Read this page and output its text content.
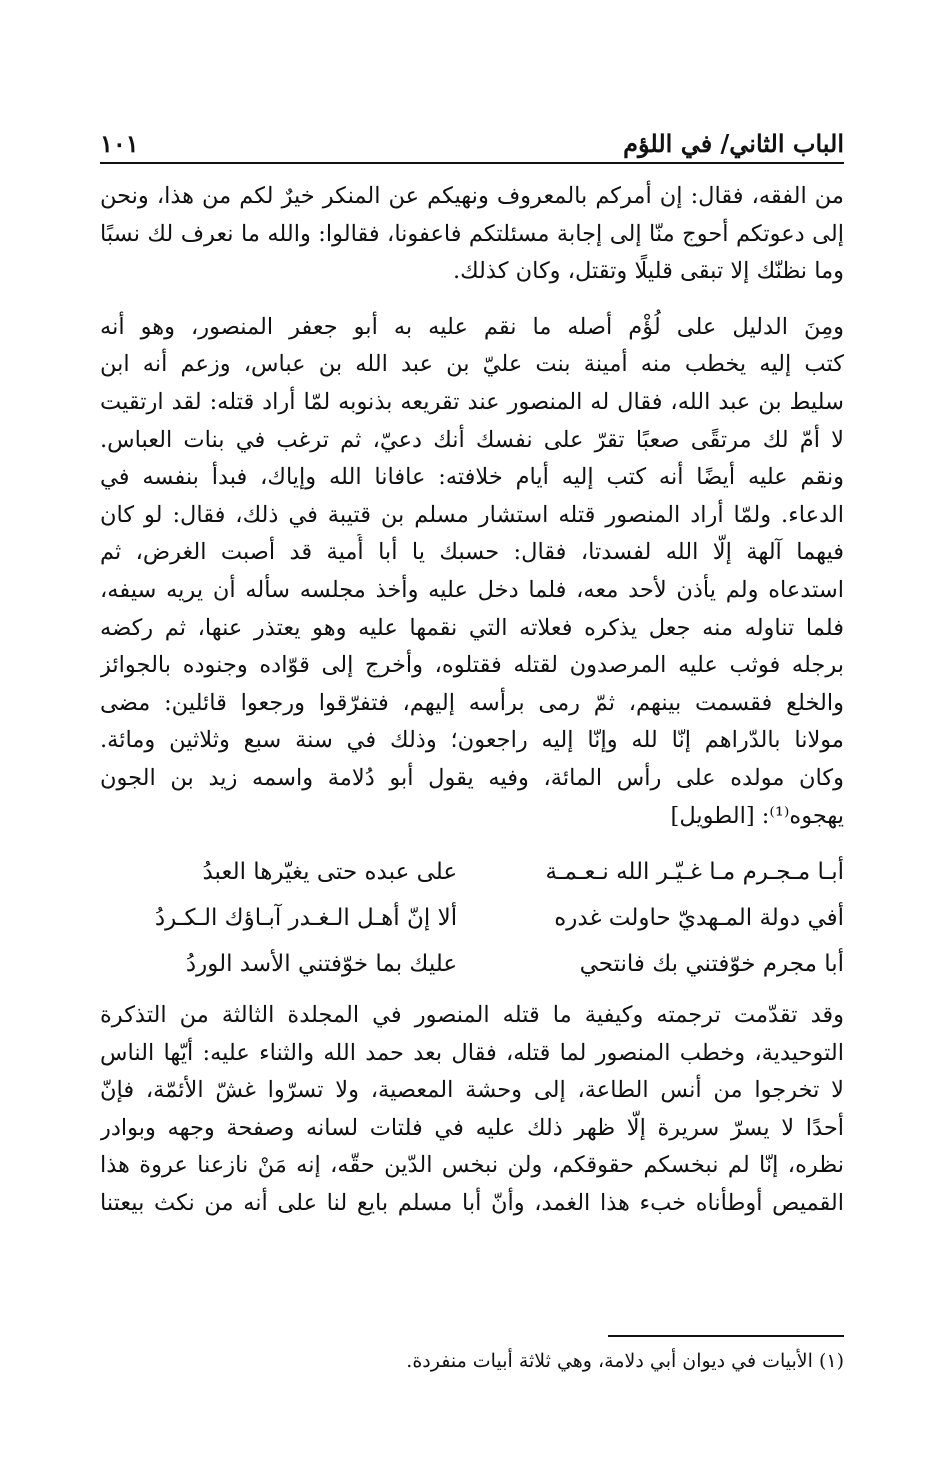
الباب الثاني/ في اللؤم
١٠١
من الفقه، فقال: إن أمركم بالمعروف ونهيكم عن المنكر خيرٌ لكم من هذا، ونحن
إلى دعوتكم أحوج منّا إلى إجابة مسئلتكم فاعفونا، فقالوا: والله ما نعرف لك نسبًا
وما نظنّك إلا تبقى قليلًا وتقتل، وكان كذلك.
ومِنَ الدليل على لُؤْم أصله ما نقم عليه به أبو جعفر المنصور، وهو أنه
كتب إليه يخطب منه أمينة بنت عليّ بن عبد الله بن عباس، وزعم أنه ابن
سليط بن عبد الله، فقال له المنصور عند تقريعه بذنوبه لمّا أراد قتله: لقد ارتقيت
لا أمّ لك مرتقًى صعبًا تقرّ على نفسك أنك دعيّ، ثم ترغب في بنات العباس.
ونقم عليه أيضًا أنه كتب إليه أيام خلافته: عافانا الله وإياك، فبدأ بنفسه في
الدعاء. ولمّا أراد المنصور قتله استشار مسلم بن قتيبة في ذلك، فقال: لو كان
فيهما آلهة إلّا الله لفسدتا، فقال: حسبك يا أبا أُمية قد أصبت الغرض، ثم
استدعاه ولم يأذن لأحد معه، فلما دخل عليه وأخذ مجلسه سأله أن يريه سيفه،
فلما تناوله منه جعل يذكره فعلاته التي نقمها عليه وهو يعتذر عنها، ثم ركضه
برجله فوثب عليه المرصدون لقتله فقتلوه، وأخرج إلى قوّاده وجنوده بالجوائز
والخلع فقسمت بينهم، ثمّ رمى برأسه إليهم، فتفرّقوا ورجعوا قائلين: مضى
مولانا بالدّراهم إنّا لله وإنّا إليه راجعون؛ وذلك في سنة سبع وثلاثين ومائة.
وكان مولده على رأس المائة، وفيه يقول أبو دُلامة واسمه زيد بن الجون
يهجوه⁽¹⁾: [الطويل]
أبـا مـجـرم مـا غـيّـر الله نـعـمـة
على عبده حتى يغيّرها العبدُ
أفي دولة المـهديّ حاولت غدره
ألا إنّ أهـل الـغـدر آبـاؤك الـكـردُ
أبا مجرم خوّفتني بك فانتحي
عليك بما خوّفتني الأسد الوردُ
وقد تقدّمت ترجمته وكيفية ما قتله المنصور في المجلدة الثالثة من التذكرة
التوحيدية، وخطب المنصور لما قتله، فقال بعد حمد الله والثناء عليه: أيّها الناس
لا تخرجوا من أنس الطاعة، إلى وحشة المعصية، ولا تسرّوا غشّ الأئمّة، فإنّ
أحدًا لا يسرّ سريرة إلّا ظهر ذلك عليه في فلتات لسانه وصفحة وجهه وبوادر
نظره، إنّا لم نبخسكم حقوقكم، ولن نبخس الدّين حقّه، إنه مَنْ نازعنا عروة هذا
القميص أوطأناه خبء هذا الغمد، وأنّ أبا مسلم بايع لنا على أنه من نكث بيعتنا
(١) الأبيات في ديوان أبي دلامة، وهي ثلاثة أبيات منفردة.
